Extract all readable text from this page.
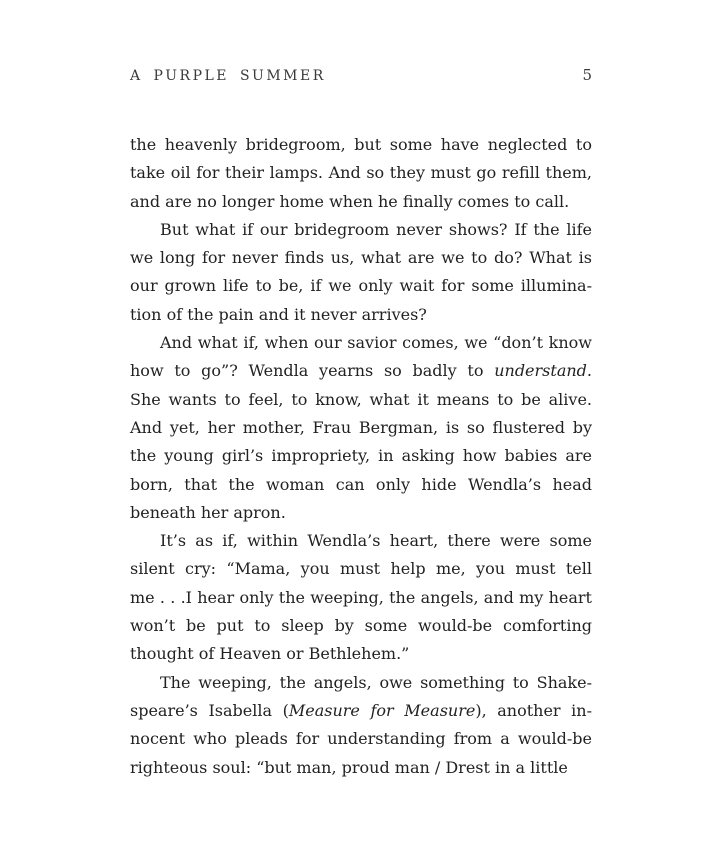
A PURPLE SUMMER	5
the heavenly bridegroom, but some have neglected to
take oil for their lamps. And so they must go refill them,
and are no longer home when he finally comes to call.
But what if our bridegroom never shows? If the life
we long for never finds us, what are we to do? What is
our grown life to be, if we only wait for some illumina-
tion of the pain and it never arrives?
And what if, when our savior comes, we “don’t know
how to go”? Wendla yearns so badly to understand.
She wants to feel, to know, what it means to be alive.
And yet, her mother, Frau Bergman, is so flustered by
the young girl’s impropriety, in asking how babies are
born, that the woman can only hide Wendla’s head
beneath her apron.
It’s as if, within Wendla’s heart, there were some
silent cry: “Mama, you must help me, you must tell
me . . .I hear only the weeping, the angels, and my heart
won’t be put to sleep by some would-be comforting
thought of Heaven or Bethlehem.”
The weeping, the angels, owe something to Shake-
speare’s Isabella (Measure for Measure), another in-
nocent who pleads for understanding from a would-be
righteous soul: “but man, proud man / Drest in a little
